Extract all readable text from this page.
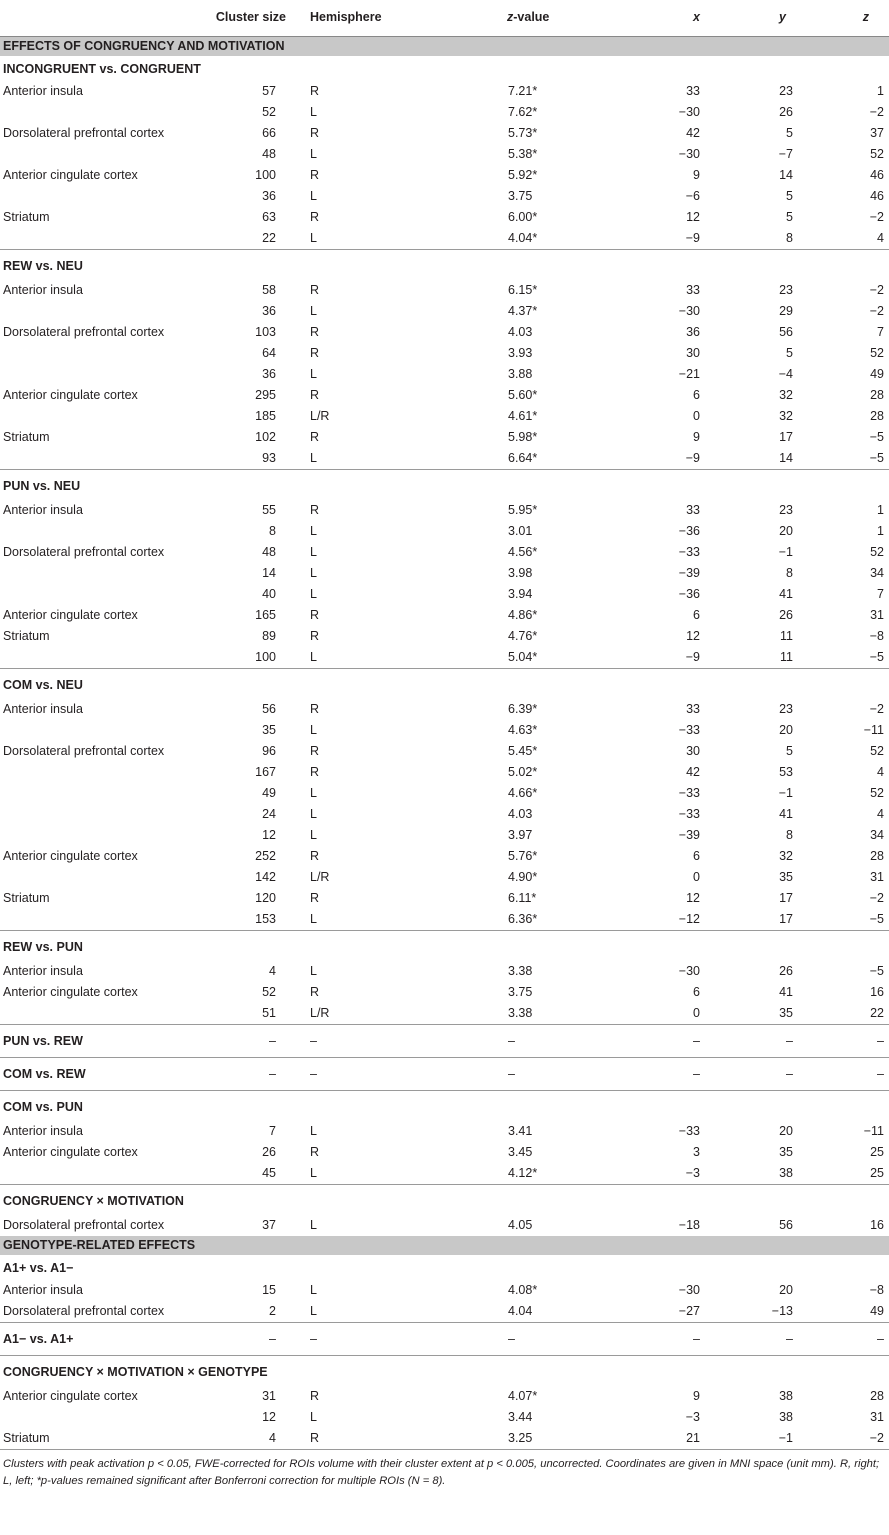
	Cluster size	Hemisphere	z-value	x	y	z
EFFECTS OF CONGRUENCY AND MOTIVATION						
INCONGRUENT vs. CONGRUENT						
Anterior insula	57	R	7.21*	33	23	1
	52	L	7.62*	−30	26	−2
Dorsolateral prefrontal cortex	66	R	5.73*	42	5	37
	48	L	5.38*	−30	−7	52
Anterior cingulate cortex	100	R	5.92*	9	14	46
	36	L	3.75	−6	5	46
Striatum	63	R	6.00*	12	5	−2
	22	L	4.04*	−9	8	4
REW vs. NEU						
Anterior insula	58	R	6.15*	33	23	−2
	36	L	4.37*	−30	29	−2
Dorsolateral prefrontal cortex	103	R	4.03	36	56	7
	64	R	3.93	30	5	52
	36	L	3.88	−21	−4	49
Anterior cingulate cortex	295	R	5.60*	6	32	28
	185	L/R	4.61*	0	32	28
Striatum	102	R	5.98*	9	17	−5
	93	L	6.64*	−9	14	−5
PUN vs. NEU						
Anterior insula	55	R	5.95*	33	23	1
	8	L	3.01	−36	20	1
Dorsolateral prefrontal cortex	48	L	4.56*	−33	−1	52
	14	L	3.98	−39	8	34
	40	L	3.94	−36	41	7
Anterior cingulate cortex	165	R	4.86*	6	26	31
Striatum	89	R	4.76*	12	11	−8
	100	L	5.04*	−9	11	−5
COM vs. NEU						
Anterior insula	56	R	6.39*	33	23	−2
	35	L	4.63*	−33	20	−11
Dorsolateral prefrontal cortex	96	R	5.45*	30	5	52
	167	R	5.02*	42	53	4
	49	L	4.66*	−33	−1	52
	24	L	4.03	−33	41	4
	12	L	3.97	−39	8	34
Anterior cingulate cortex	252	R	5.76*	6	32	28
	142	L/R	4.90*	0	35	31
Striatum	120	R	6.11*	12	17	−2
	153	L	6.36*	−12	17	−5
REW vs. PUN						
Anterior insula	4	L	3.38	−30	26	−5
Anterior cingulate cortex	52	R	3.75	6	41	16
	51	L/R	3.38	0	35	22
PUN vs. REW	–	–	–	–	–	–
COM vs. REW	–	–	–	–	–	–
COM vs. PUN						
Anterior insula	7	L	3.41	−33	20	−11
Anterior cingulate cortex	26	R	3.45	3	35	25
	45	L	4.12*	−3	38	25
CONGRUENCY × MOTIVATION						
Dorsolateral prefrontal cortex	37	L	4.05	−18	56	16
GENOTYPE-RELATED EFFECTS						
A1+ vs. A1−						
Anterior insula	15	L	4.08*	−30	20	−8
Dorsolateral prefrontal cortex	2	L	4.04	−27	−13	49
A1− vs. A1+	–	–	–	–	–	–
CONGRUENCY × MOTIVATION × GENOTYPE						
Anterior cingulate cortex	31	R	4.07*	9	38	28
	12	L	3.44	−3	38	31
Striatum	4	R	3.25	21	−1	−2
Clusters with peak activation p < 0.05, FWE-corrected for ROIs volume with their cluster extent at p < 0.005, uncorrected. Coordinates are given in MNI space (unit mm). R, right; L, left; *p-values remained significant after Bonferroni correction for multiple ROIs (N = 8).
